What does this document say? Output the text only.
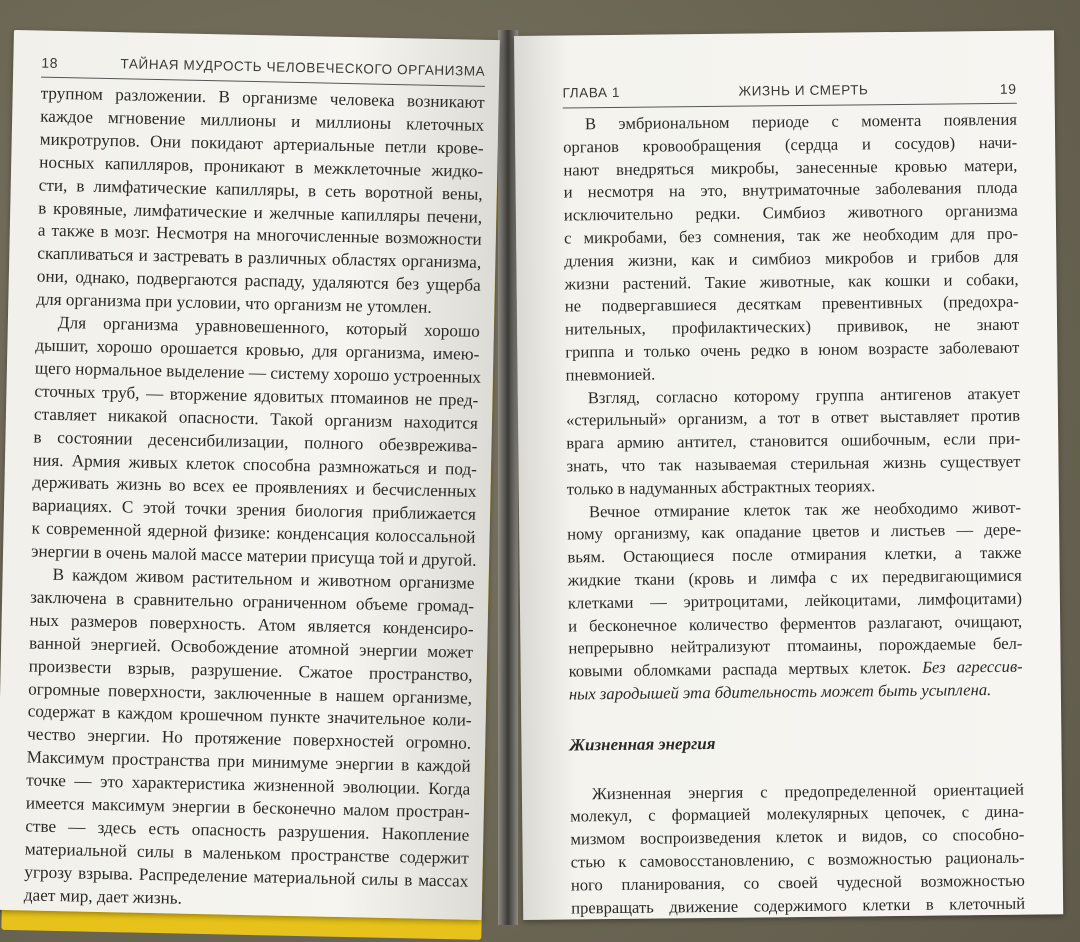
18	ТАЙНАЯ МУДРОСТЬ ЧЕЛОВЕЧЕСКОГО ОРГАНИЗМА
трупном разложении. В организме человека возникают
каждое мгновение миллионы и миллионы клеточных
микротрупов. Они покидают артериальные петли крове-
носных капилляров, проникают в межклеточные жидко-
сти, в лимфатические капилляры, в сеть воротной вены,
в кровяные, лимфатические и желчные капилляры печени,
а также в мозг. Несмотря на многочисленные возможности
скапливаться и застревать в различных областях организма,
они, однако, подвергаются распаду, удаляются без ущерба
для организма при условии, что организм не утомлен.
Для организма уравновешенного, который хорошо
дышит, хорошо орошается кровью, для организма, имею-
щего нормальное выделение — систему хорошо устроенных
сточных труб, — вторжение ядовитых птомаинов не пред-
ставляет никакой опасности. Такой организм находится
в состоянии десенсибилизации, полного обезврежива-
ния. Армия живых клеток способна размножаться и под-
держивать жизнь во всех ее проявлениях и бесчисленных
вариациях. С этой точки зрения биология приближается
к современной ядерной физике: конденсация колоссальной
энергии в очень малой массе материи присуща той и другой.
В каждом живом растительном и животном организме
заключена в сравнительно ограниченном объеме громад-
ных размеров поверхность. Атом является конденсиро-
ванной энергией. Освобождение атомной энергии может
произвести взрыв, разрушение. Сжатое пространство,
огромные поверхности, заключенные в нашем организме,
содержат в каждом крошечном пункте значительное коли-
чество энергии. Но протяжение поверхностей огромно.
Максимум пространства при минимуме энергии в каждой
точке — это характеристика жизненной эволюции. Когда
имеется максимум энергии в бесконечно малом простран-
стве — здесь есть опасность разрушения. Накопление
материальной силы в маленьком пространстве содержит
угрозу взрыва. Распределение материальной силы в массах
дает мир, дает жизнь.
ГЛАВА 1	ЖИЗНЬ И СМЕРТЬ	19
В эмбриональном периоде с момента появления
органов кровообращения (сердца и сосудов) начи-
нают внедряться микробы, занесенные кровью матери,
и несмотря на это, внутриматочные заболевания плода
исключительно редки. Симбиоз животного организма
с микробами, без сомнения, так же необходим для про-
дления жизни, как и симбиоз микробов и грибов для
жизни растений. Такие животные, как кошки и собаки,
не подвергавшиеся десяткам превентивных (предохра-
нительных, профилактических) прививок, не знают
гриппа и только очень редко в юном возрасте заболевают
пневмонией.
Взгляд, согласно которому группа антигенов атакует
«стерильный» организм, а тот в ответ выставляет против
врага армию антител, становится ошибочным, если при-
знать, что так называемая стерильная жизнь существует
только в надуманных абстрактных теориях.
Вечное отмирание клеток так же необходимо живот-
ному организму, как опадание цветов и листьев — дере-
вьям. Остающиеся после отмирания клетки, а также
жидкие ткани (кровь и лимфа с их передвигающимися
клетками — эритроцитами, лейкоцитами, лимфоцитами)
и бесконечное количество ферментов разлагают, очищают,
непрерывно нейтрализуют птомаины, порождаемые бел-
ковыми обломками распада мертвых клеток. Без агрессив-
ных зародышей эта бдительность может быть усыплена.
Жизненная энергия
Жизненная энергия с предопределенной ориентацией
молекул, с формацией молекулярных цепочек, с дина-
мизмом воспроизведения клеток и видов, со способно-
стью к самовосстановлению, с возможностью рациональ-
ного планирования, со своей чудесной возможностью
превращать движение содержимого клетки в клеточный
